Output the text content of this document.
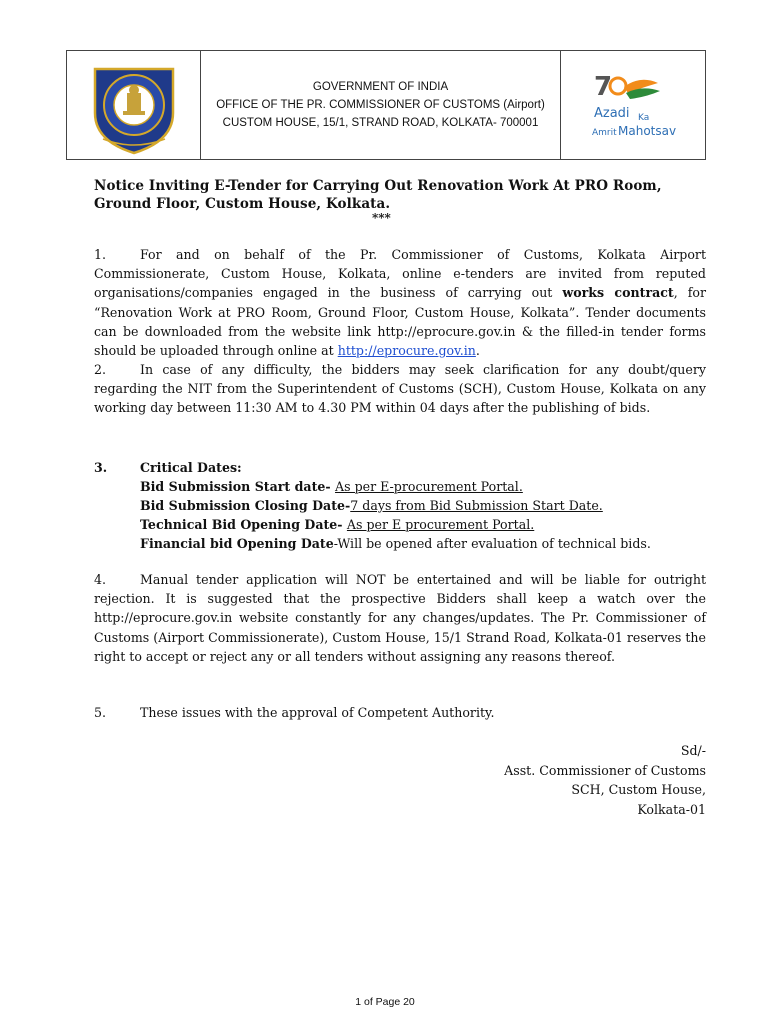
GOVERNMENT OF INDIA
OFFICE OF THE PR. COMMISSIONER OF CUSTOMS (Airport)
CUSTOM HOUSE, 15/1, STRAND ROAD, KOLKATA- 700001
7
Azadi Ka
Amrit Mahotsav
Notice Inviting E-Tender for Carrying Out Renovation Work At PRO Room,
Ground Floor, Custom House, Kolkata.
***
1.	For and on behalf of the Pr. Commissioner of Customs, Kolkata Airport Commissionerate, Custom House, Kolkata, online e-tenders are invited from reputed organisations/companies engaged in the business of carrying out works contract, for “Renovation Work at PRO Room, Ground Floor, Custom House, Kolkata”. Tender documents can be downloaded from the website link http://eprocure.gov.in & the filled-in tender forms should be uploaded through online at http://eprocure.gov.in.
2.	In case of any difficulty, the bidders may seek clarification for any doubt/query regarding the NIT from the Superintendent of Customs (SCH), Custom House, Kolkata on any working day between 11:30 AM to 4.30 PM within 04 days after the publishing of bids.
3.	Critical Dates:
Bid Submission Start date- As per E-procurement Portal.
Bid Submission Closing Date-7 days from Bid Submission Start Date.
Technical Bid Opening Date- As per E procurement Portal.
Financial bid Opening Date-Will be opened after evaluation of technical bids.
4.	Manual tender application will NOT be entertained and will be liable for outright rejection. It is suggested that the prospective Bidders shall keep a watch over the http://eprocure.gov.in website constantly for any changes/updates. The Pr. Commissioner of Customs (Airport Commissionerate), Custom House, 15/1 Strand Road, Kolkata-01 reserves the right to accept or reject any or all tenders without assigning any reasons thereof.
5.	These issues with the approval of Competent Authority.
Sd/-
Asst. Commissioner of Customs
SCH, Custom House,
Kolkata-01
1 of Page 20
